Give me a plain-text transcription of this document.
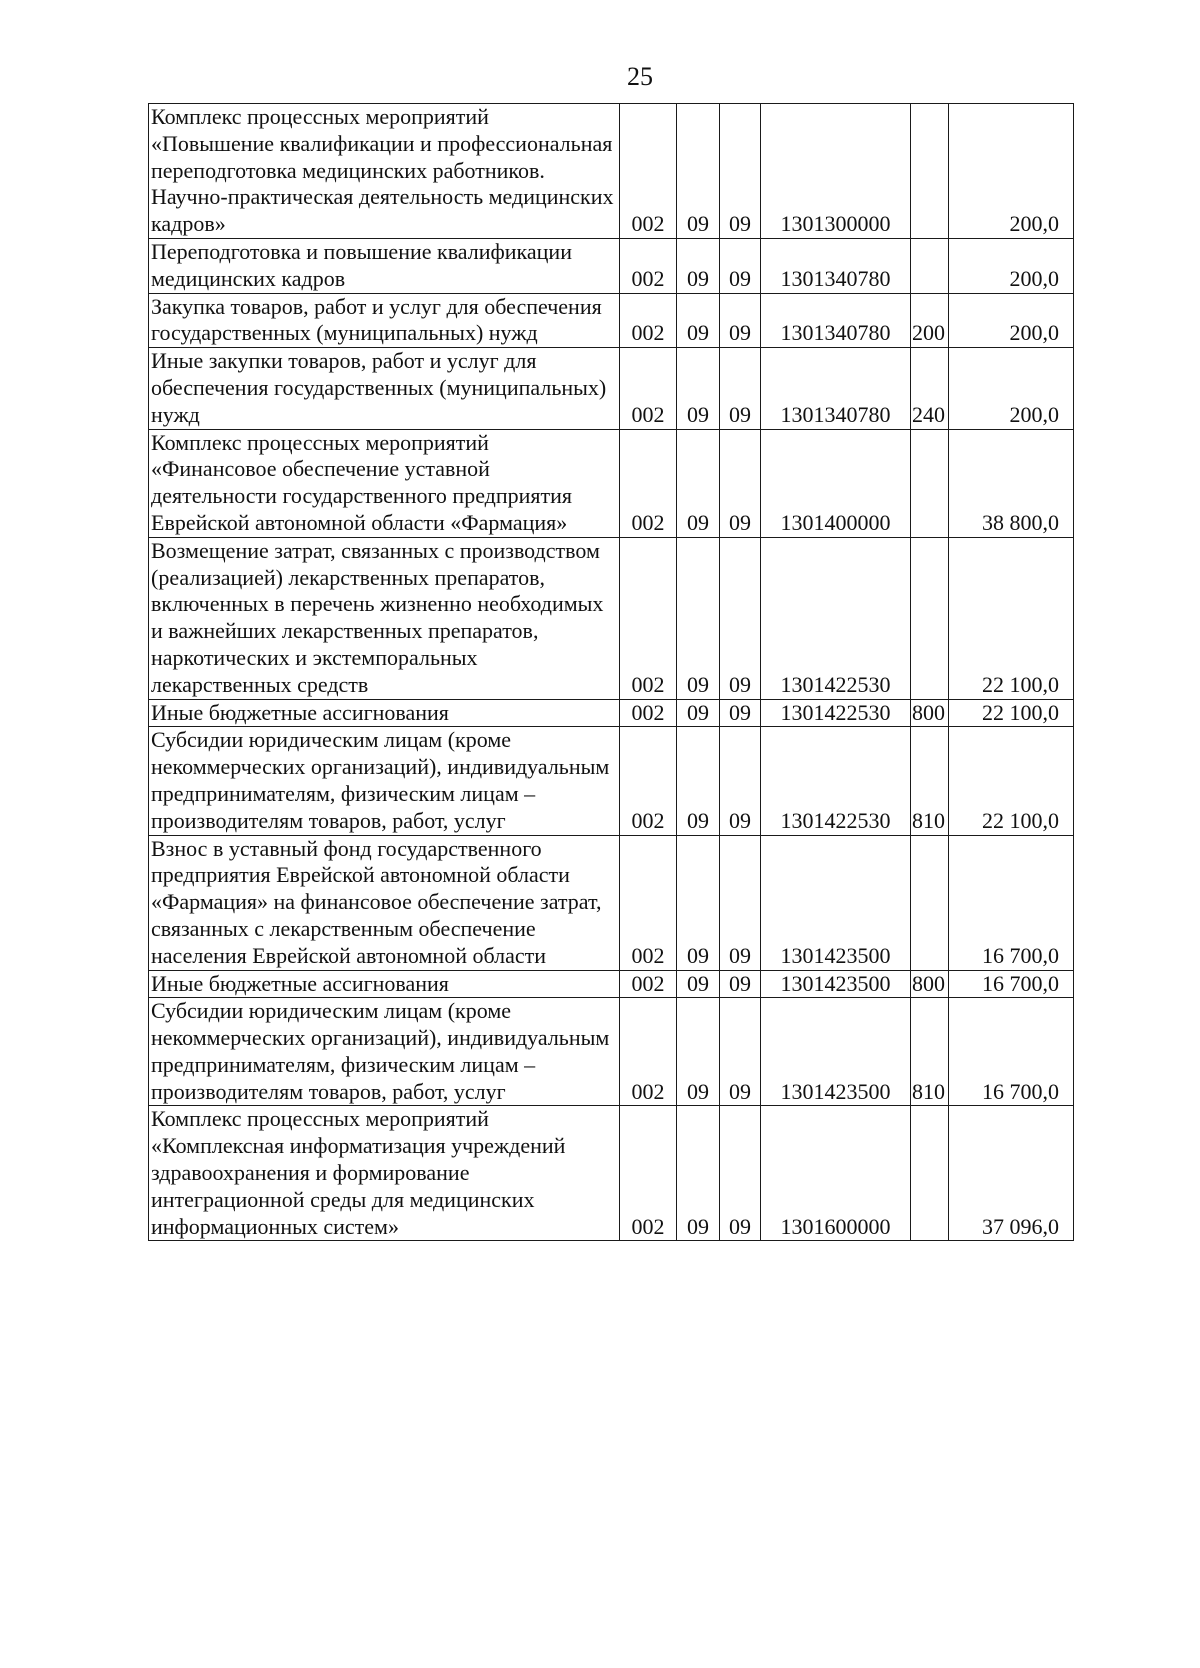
25
Комплекс процессных мероприятий «Повышение квалификации и профессиональная переподготовка медицинских работников. Научно-практическая деятельность медицинских кадров»	002	09	09	1301300000		200,0
Переподготовка и повышение квалификации медицинских кадров	002	09	09	1301340780		200,0
Закупка товаров, работ и услуг для обеспечения государственных (муниципальных) нужд	002	09	09	1301340780	200	200,0
Иные закупки товаров, работ и услуг для обеспечения государственных (муниципальных) нужд	002	09	09	1301340780	240	200,0
Комплекс процессных мероприятий «Финансовое обеспечение уставной деятельности государственного предприятия Еврейской автономной области «Фармация»	002	09	09	1301400000		38 800,0
Возмещение затрат, связанных с производством (реализацией) лекарственных препаратов, включенных в перечень жизненно необходимых и важнейших лекарственных препаратов, наркотических и экстемпоральных лекарственных средств	002	09	09	1301422530		22 100,0
Иные бюджетные ассигнования	002	09	09	1301422530	800	22 100,0
Субсидии юридическим лицам (кроме некоммерческих организаций), индивидуальным предпринимателям, физическим лицам – производителям товаров, работ, услуг	002	09	09	1301422530	810	22 100,0
Взнос в уставный фонд государственного предприятия Еврейской автономной области «Фармация» на финансовое обеспечение затрат, связанных с лекарственным обеспечение населения Еврейской автономной области	002	09	09	1301423500		16 700,0
Иные бюджетные ассигнования	002	09	09	1301423500	800	16 700,0
Субсидии юридическим лицам (кроме некоммерческих организаций), индивидуальным предпринимателям, физическим лицам – производителям товаров, работ, услуг	002	09	09	1301423500	810	16 700,0
Комплекс процессных мероприятий «Комплексная информатизация учреждений здравоохранения и формирование интеграционной среды для медицинских информационных систем»	002	09	09	1301600000		37 096,0
